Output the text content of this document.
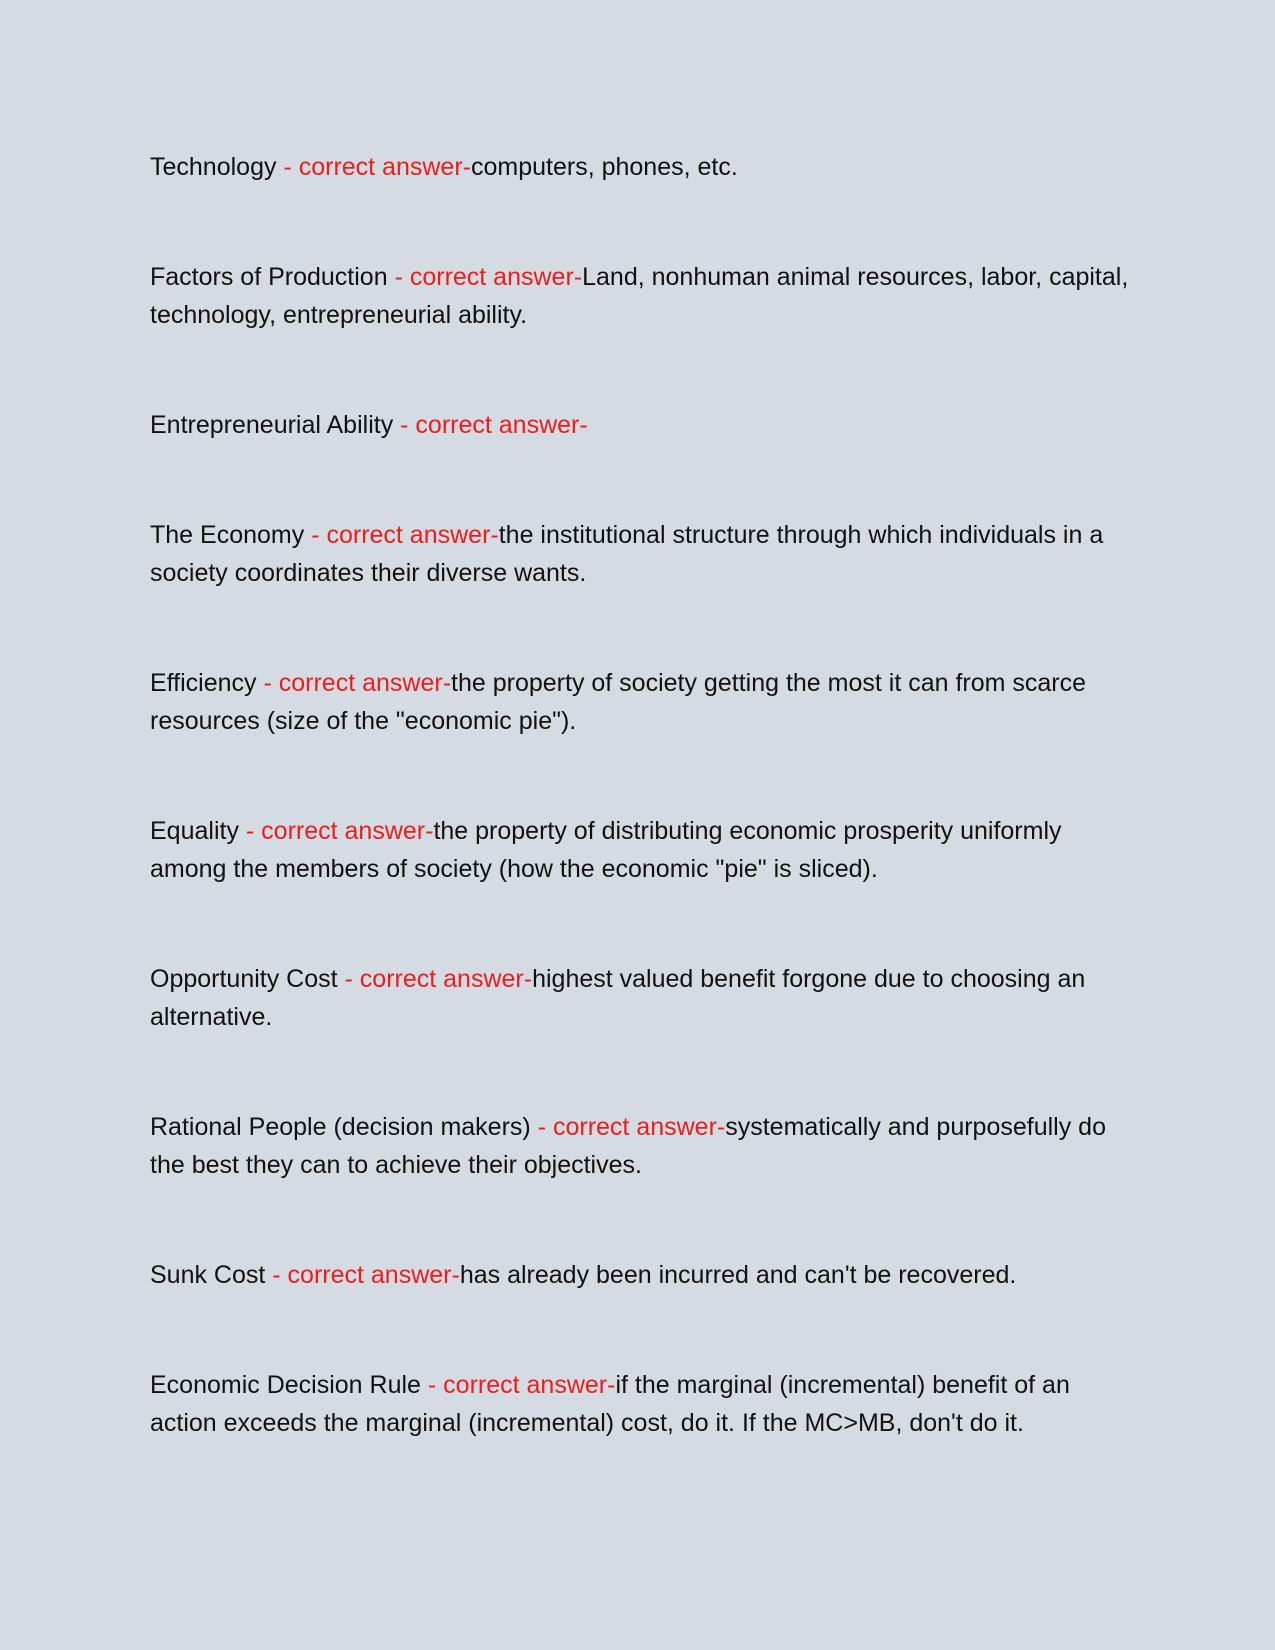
Technology - correct answer-computers, phones, etc.
Factors of Production - correct answer-Land, nonhuman animal resources, labor, capital, technology, entrepreneurial ability.
Entrepreneurial Ability - correct answer-
The Economy - correct answer-the institutional structure through which individuals in a society coordinates their diverse wants.
Efficiency - correct answer-the property of society getting the most it can from scarce resources (size of the "economic pie").
Equality - correct answer-the property of distributing economic prosperity uniformly among the members of society (how the economic "pie" is sliced).
Opportunity Cost - correct answer-highest valued benefit forgone due to choosing an alternative.
Rational People (decision makers) - correct answer-systematically and purposefully do the best they can to achieve their objectives.
Sunk Cost - correct answer-has already been incurred and can't be recovered.
Economic Decision Rule - correct answer-if the marginal (incremental) benefit of an action exceeds the marginal (incremental) cost, do it. If the MC>MB, don't do it.
